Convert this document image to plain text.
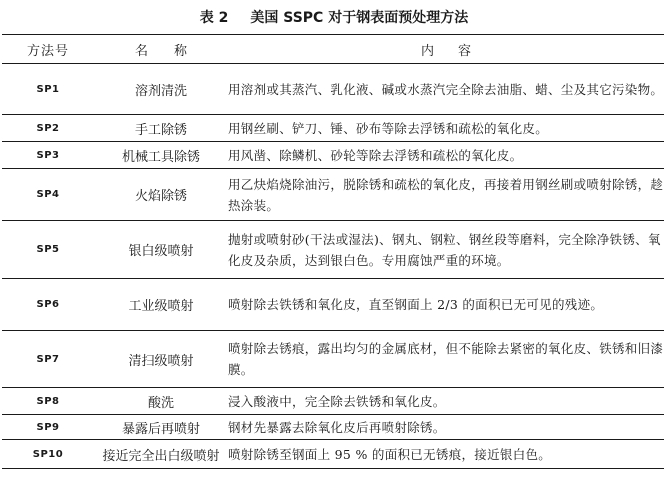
表 2 美国 SSPC 对于钢表面预处理方法
方法号	名称	内容
SP1	溶剂清洗	用溶剂或其蒸汽、乳化液、碱或水蒸汽完全除去油脂、蜡、尘及其它污染物。
SP2	手工除锈	用钢丝刷、铲刀、锤、砂布等除去浮锈和疏松的氧化皮。
SP3	机械工具除锈	用风凿、除鳞机、砂轮等除去浮锈和疏松的氧化皮。
SP4	火焰除锈	用乙炔焰烧除油污，脱除锈和疏松的氧化皮，再接着用钢丝刷或喷射除锈，趁热涂装。
SP5	银白级喷射	抛射或喷射砂(干法或湿法)、钢丸、钢粒、钢丝段等磨料，完全除净铁锈、氧化皮及杂质，达到银白色。专用腐蚀严重的环境。
SP6	工业级喷射	喷射除去铁锈和氧化皮，直至钢面上 2/3 的面积已无可见的残迹。
SP7	清扫级喷射	喷射除去锈痕，露出均匀的金属底材，但不能除去紧密的氧化皮、铁锈和旧漆膜。
SP8	酸洗	浸入酸液中，完全除去铁锈和氧化皮。
SP9	暴露后再喷射	钢材先暴露去除氧化皮后再喷射除锈。
SP10	接近完全出白级喷射	喷射除锈至钢面上 95 % 的面积已无锈痕，接近银白色。
